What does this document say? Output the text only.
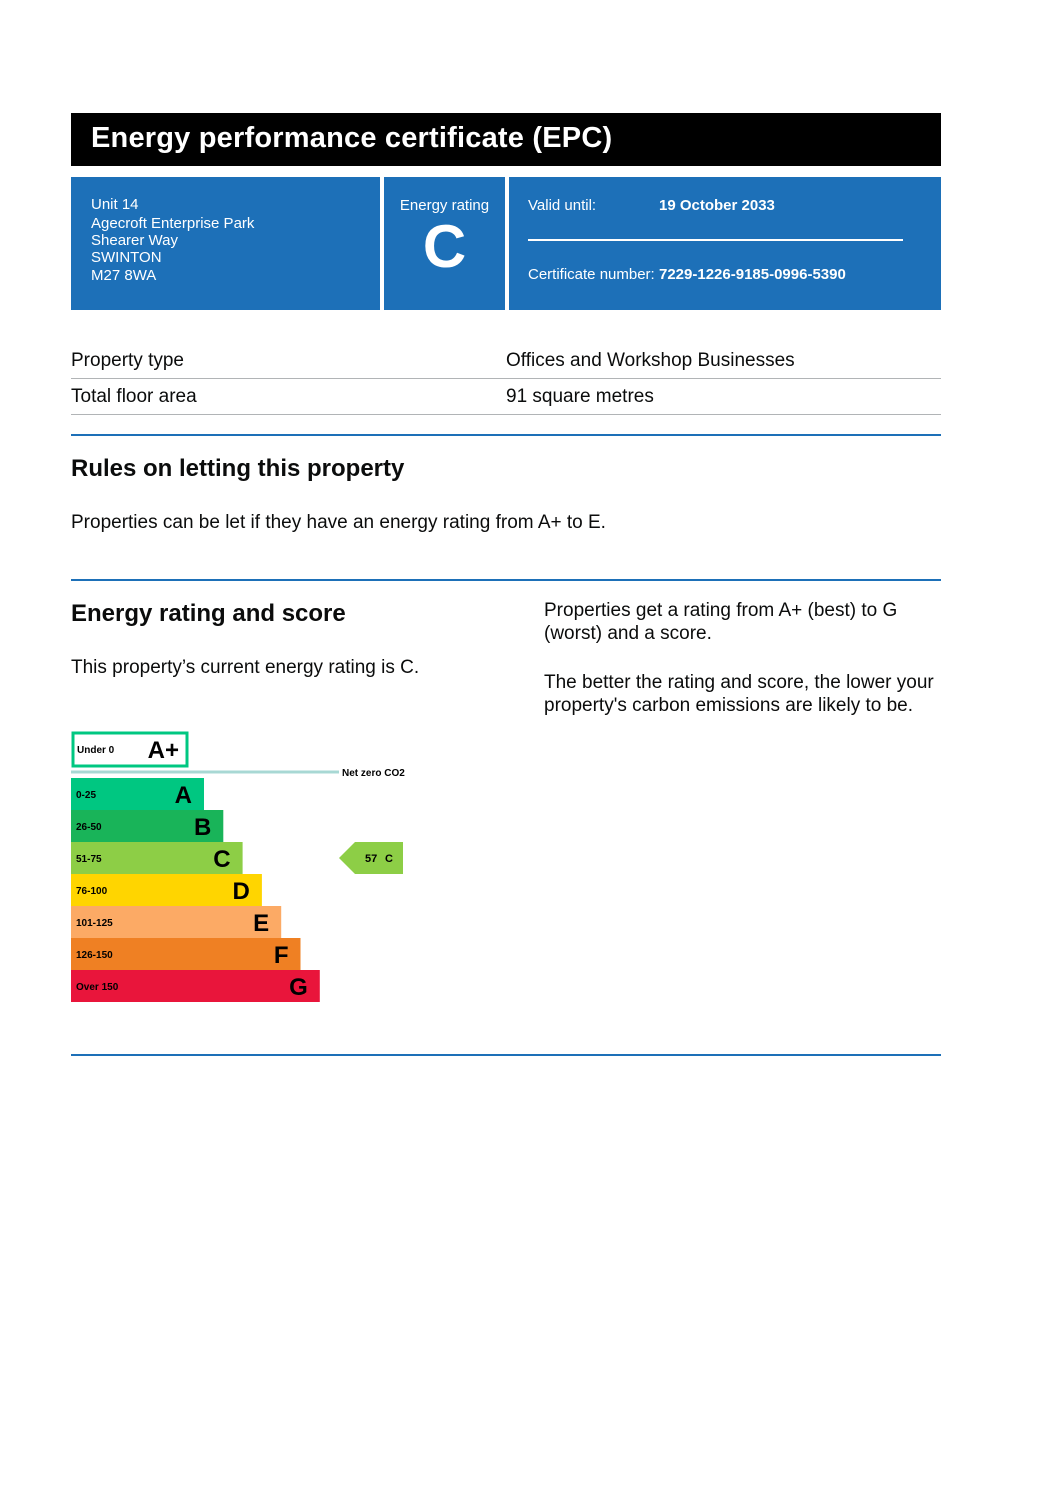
Energy performance certificate (EPC)
Unit 14
Agecroft Enterprise Park
Shearer Way
SWINTON
M27 8WA
Energy rating
C
Valid until:	19 October 2033
Certificate number: 7229-1226-9185-0996-5390
Property type	Offices and Workshop Businesses
Total floor area	91 square metres
Rules on letting this property
Properties can be let if they have an energy rating from A+ to E.
Energy rating and score
This property’s current energy rating is C.
Properties get a rating from A+ (best) to G (worst) and a score.
The better the rating and score, the lower your property's carbon emissions are likely to be.
Under 0 A+
Net zero CO2
0-25	A
26-50	B
51-75	C
76-100	D
101-125	E
126-150	F
Over 150	G
57 C
